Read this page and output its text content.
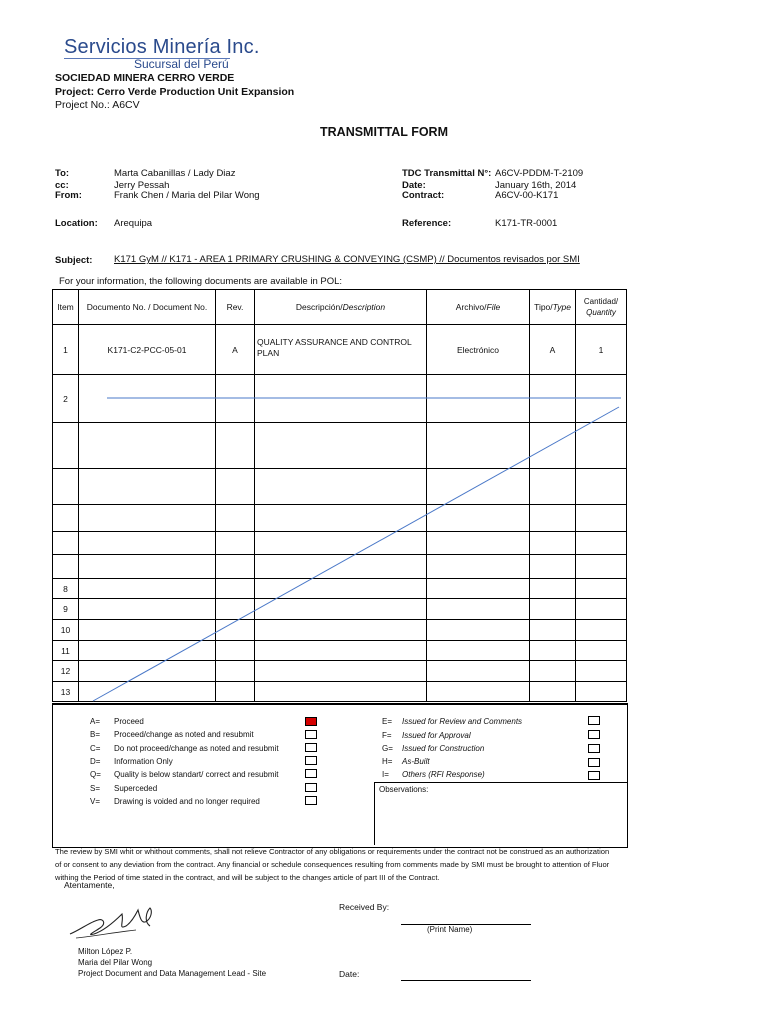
Servicios Minería Inc.
Sucursal del Perú
SOCIEDAD MINERA CERRO VERDE
Project: Cerro Verde Production Unit Expansion
Project No.: A6CV
TRANSMITTAL FORM
To:	Marta Cabanillas / Lady Diaz
cc:	Jerry Pessah
From:	Frank Chen / Maria del Pilar Wong
Location: Arequipa
TDC Transmittal N°: A6CV-PDDM-T-2109
Date:	January 16th, 2014
Contract:	A6CV-00-K171
Reference:	K171-TR-0001
Subject: K171 GyM // K171 - AREA 1 PRIMARY CRUSHING & CONVEYING (CSMP) // Documentos revisados por SMI
For your information, the following documents are available in POL:
Item	Documento No. / Document No.	Rev.	Descripción/Description	Archivo/File	Tipo/Type	Cantidad/
Quantity
1	K171-C2-PCC-05-01	A	QUALITY ASSURANCE AND CONTROL PLAN	Electrónico	A	1
2						

8						
9						
10						
11						
12						
13						
Observations:
A= Proceed
B= Proceed/change as noted and resubmit
C= Do not proceed/change as noted and resubmit
D= Information Only
Q= Quality is below standart/ correct and resubmit
S= Superceded
V= Drawing is voided and no longer required
E= Issued for Review and Comments
F= Issued for Approval
G= Issued for Construction
H= As-Built
I= Others (RFI Response)
The review by SMI whit or whithout comments, shall not relieve Contractor of any obligations or requirements under the contract not be construed as an authorization of or consent to any deviation from the contract. Any financial or schedule consequences resulting from comments made by SMI must be brought to attention of Fluor withing the Period of time stated in the contract, and will be subject to the changes article of part III of the Contract.
Atentamente,
Received By:
(Print Name)
Milton López P.
Maria del Pilar Wong
Project Document and Data Management Lead - Site	Date:
